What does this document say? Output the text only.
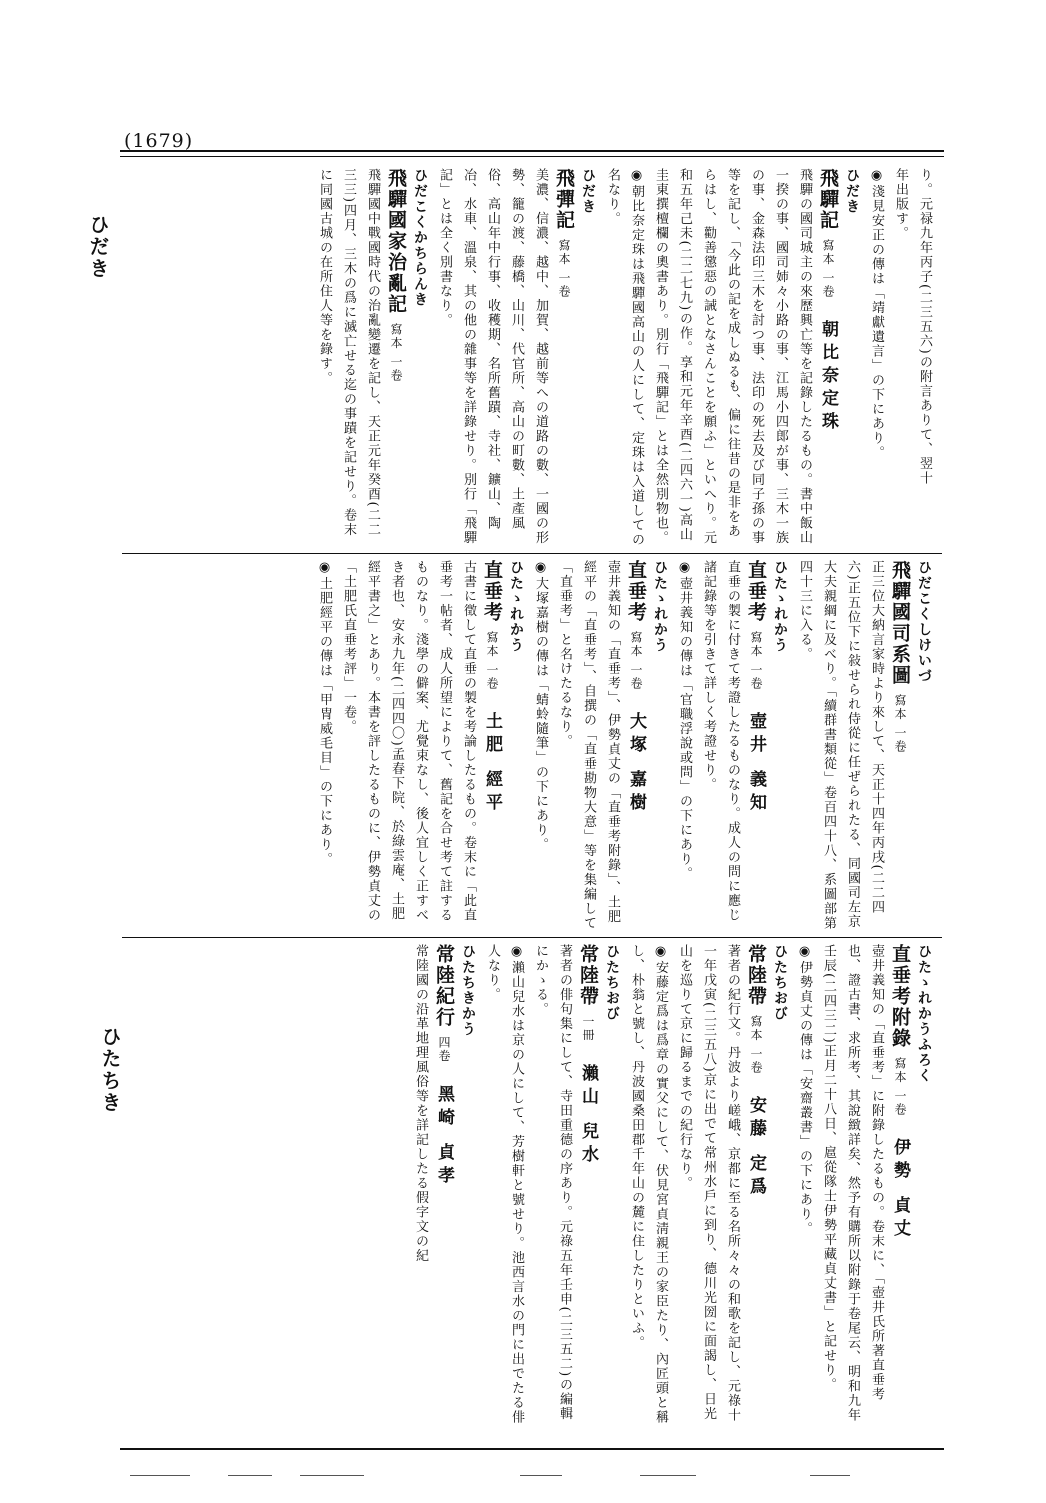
(1679)
ひだき
ひたちき
り。元禄九年丙子(二三五六)の附言ありて、翌十
年出版す。
◉淺見安正の傳は「靖獻遺言」の下にあり。
ひだき
飛驒記寫本 一卷朝比奈定珠
飛驒の國司城主の來歷興亡等を記錄したるもの。書中飯山一揆の事、國司姉々小路の事、江馬小四郎が事、三木一族の事、金森法印三木を討つ事、法印の死去及び同子孫の事等を記し、「今此の記を成しぬるも、偏に往昔の是非をあらはし、勸善懲惡の誡となさんことを願ふ」といへり。元和五年己未(二二七九)の作。享和元年辛酉(二四六一)高山圭東撰檀欄の奧書あり。別行「飛驒記」とは全然別物也。
◉朝比奈定珠は飛驒國高山の人にして、定珠は入道しての名なり。
ひだき
飛彈記寫本 一卷
美濃、信濃、越中、加賀、越前等への道路の數、一國の形勢、籠の渡、藤橋、山川、代官所、高山の町數、土產風俗、高山年中行事、收穫期、名所舊蹟、寺社、鑛山、陶冶、水車、溫泉、其の他の雜事等を詳錄せり。別行「飛驒記」とは全く別書なり。
ひだこくかちらんき
飛驒國家治亂記寫本 一卷
飛驒國中戰國時代の治亂變遷を記し、天正元年癸酉(二二三三)四月、三木の爲に滅亡せる迄の事蹟を記せり。卷末に同國古城の在所住人等を錄す。
ひだこくしけいづ
飛驒國司系圖寫本 一卷
正三位大納言家時より來して、天正十四年丙戌(二二四六)正五位下に敍せられ侍從に任ぜられたる、同國司左京大夫親綱に及べり。「續群書類從」卷百四十八、系圖部第四十三に入る。
ひたゝれかう
直垂考寫本 一卷壺井 義知
直垂の製に付きて考證したるものなり。成人の問に應じ諸記錄等を引きて詳しく考證せり。
◉壺井義知の傳は「官職浮說或問」の下にあり。
ひたゝれかう
直垂考寫本 一卷大塚 嘉樹
壺井義知の「直垂考」、伊勢貞丈の「直垂考附錄」、土肥經平の「直垂考」、自撰の「直垂勘物大意」等を集編して「直垂考」と名けたるなり。
◉大塚嘉樹の傳は「蜻蛉隨筆」の下にあり。
ひたゝれかう
直垂考寫本 一卷土肥 經平
古書に徵して直垂の製を考論したるもの。卷末に「此直垂考一帖者、成人所望によりて、舊記を合せ考て註するものなり。淺學の僻案、尤覺束なし、後人宜しく正すべき者也、安永九年(二四四〇)孟春下院、於綠雲庵、土肥經平書之」とあり。本書を評したるものに、伊勢貞丈の「土肥氏直垂考評」一卷。
◉土肥經平の傳は「甲冑威毛目」の下にあり。
ひたゝれかうふろく
直垂考附錄寫本 一卷伊勢 貞丈
壺井義知の「直垂考」に附錄したるもの。卷末に、「壺井氏所著直垂考也、證古書、求所考、其說緻詳矣、然予有購所以附錄于卷尾云、明和九年壬辰(二四三二)正月二十八日、扈從隊士伊勢平藏貞丈書」と記せり。
◉伊勢貞丈の傳は「安齋叢書」の下にあり。
ひたちおび
常陸帶寫本 一卷安藤 定爲
著者の紀行文。丹波より嵯峨、京都に至る名所々々の和歌を記し、元祿十一年戊寅(二三五八)京に出でて常州水戶に到り、德川光圀に面謁し、日光山を巡りて京に歸るまでの紀行なり。
◉安藤定爲は爲章の實父にして、伏見宮貞淸親王の家臣たり、內匠頭と稱し、朴翁と號し、丹波國桑田郡千年山の麓に住したりといふ。
ひたちおび
常陸帶一冊瀨山 兒水
著者の俳句集にして、寺田重德の序あり。元祿五年壬申(二三五二)の編輯にかゝる。
◉瀨山兒水は京の人にして、芳樹軒と號せり。池西言水の門に出でたる俳人なり。
ひたちきかう
常陸紀行四卷黑崎 貞孝
常陸國の沿革地理風俗等を詳記したる假字文の紀
